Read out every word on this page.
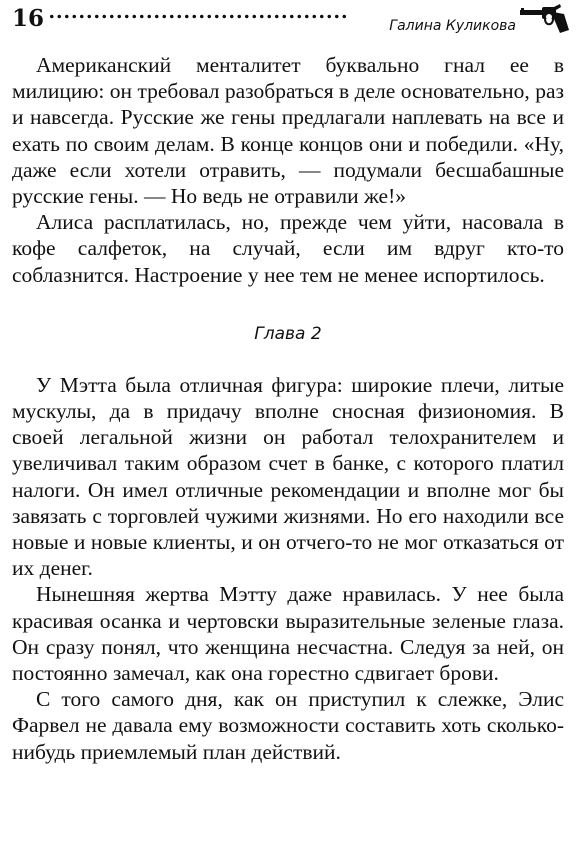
16	Галина Куликова

Американский менталитет буквально гнал ее в милицию: он требовал разобраться в деле основательно, раз и навсегда. Русские же гены предлагали наплевать на все и ехать по своим делам. В конце концов они и победили. «Ну, даже если хотели отравить, — подумали бесшабашные русские гены. — Но ведь не отравили же!»

Алиса расплатилась, но, прежде чем уйти, насовала в кофе салфеток, на случай, если им вдруг кто-то соблазнится. Настроение у нее тем не менее испортилось.

Глава 2

У Мэтта была отличная фигура: широкие плечи, литые мускулы, да в придачу вполне сносная физиономия. В своей легальной жизни он работал телохранителем и увеличивал таким образом счет в банке, с которого платил налоги. Он имел отличные рекомендации и вполне мог бы завязать с торговлей чужими жизнями. Но его находили все новые и новые клиенты, и он отчего-то не мог отказаться от их денег.

Нынешняя жертва Мэтту даже нравилась. У нее была красивая осанка и чертовски выразительные зеленые глаза. Он сразу понял, что женщина несчастна. Следуя за ней, он постоянно замечал, как она горестно сдвигает брови.

С того самого дня, как он приступил к слежке, Элис Фарвел не давала ему возможности составить хоть сколько-нибудь приемлемый план действий.
